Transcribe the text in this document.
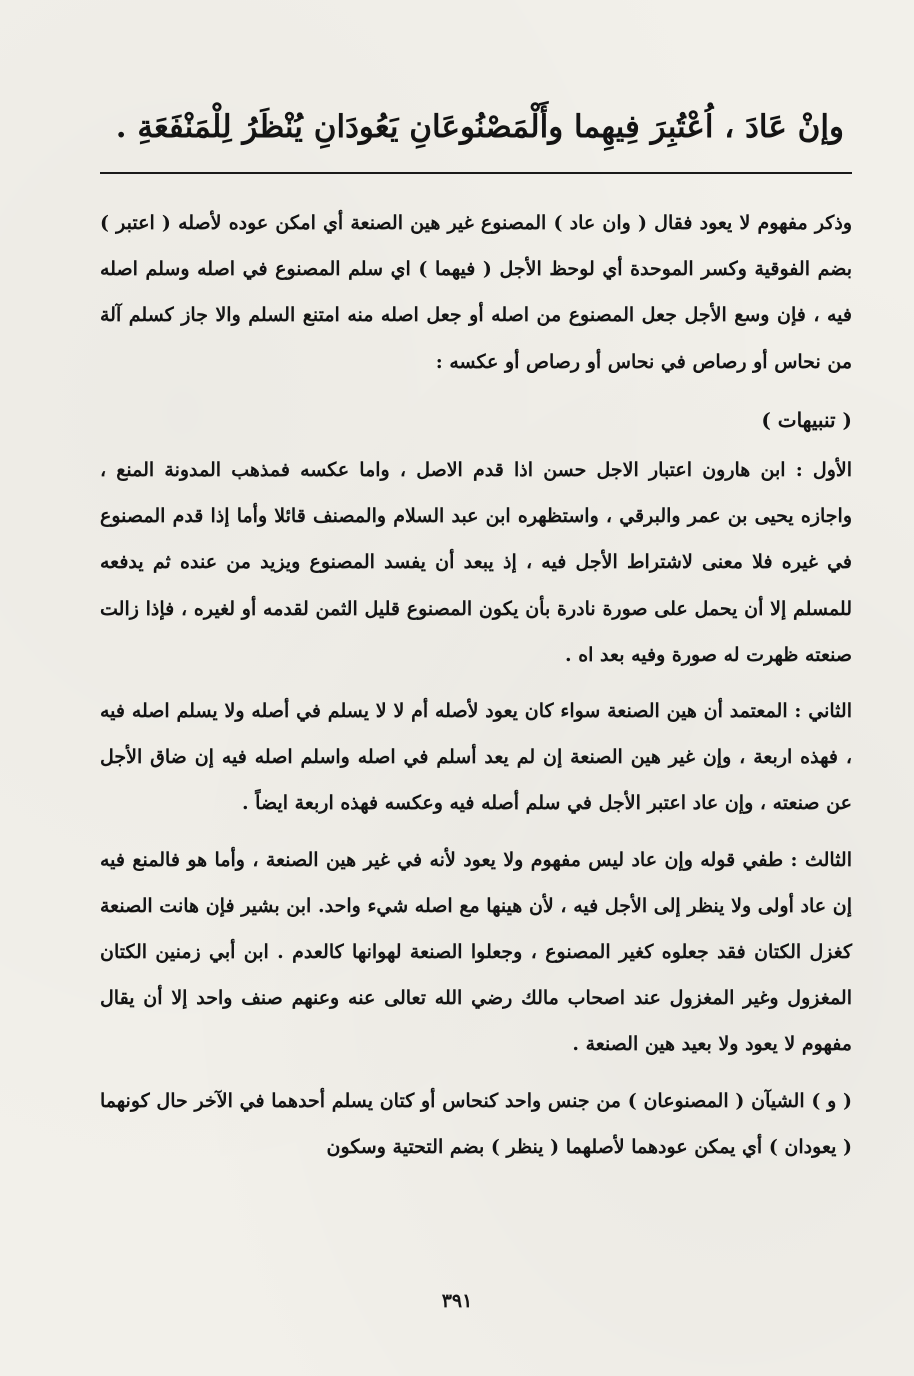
وإنْ عَادَ ، اُعْتُبِرَ فِيهِما وأَلْمَصْنُوعَانِ يَعُودَانِ يُنْظَرُ لِلْمَنْفَعَةِ .

وذكر مفهوم لا يعود فقال ( وان عاد ) المصنوع غير هين الصنعة أي امكن عوده لأصله ( اعتبر ) بضم الفوقية وكسر الموحدة أي لوحظ الأجل ( فيهما ) اي سلم المصنوع في اصله وسلم اصله فيه ، فإن وسع الأجل جعل المصنوع من اصله أو جعل اصله منه امتنع السلم والا جاز كسلم آلة من نحاس أو رصاص في نحاس أو رصاص أو عكسه :

( تنبيهات )

الأول : ابن هارون اعتبار الاجل حسن اذا قدم الاصل ، واما عكسه فمذهب المدونة المنع ، واجازه يحيى بن عمر والبرقي ، واستظهره ابن عبد السلام والمصنف قائلا وأما إذا قدم المصنوع في غيره فلا معنى لاشتراط الأجل فيه ، إذ يبعد أن يفسد المصنوع ويزيد من عنده ثم يدفعه للمسلم إلا أن يحمل على صورة نادرة بأن يكون المصنوع قليل الثمن لقدمه أو لغيره ، فإذا زالت صنعته ظهرت له صورة وفيه بعد اه .

الثاني : المعتمد أن هين الصنعة سواء كان يعود لأصله أم لا لا يسلم في أصله ولا يسلم اصله فيه ، فهذه اربعة ، وإن غير هين الصنعة إن لم يعد أسلم في اصله واسلم اصله فيه إن ضاق الأجل عن صنعته ، وإن عاد اعتبر الأجل في سلم أصله فيه وعكسه فهذه اربعة ايضاً .

الثالث : طفي قوله وإن عاد ليس مفهوم ولا يعود لأنه في غير هين الصنعة ، وأما هو فالمنع فيه إن عاد أولى ولا ينظر إلى الأجل فيه ، لأن هينها مع اصله شيء واحد. ابن بشير فإن هانت الصنعة كغزل الكتان فقد جعلوه كغير المصنوع ، وجعلوا الصنعة لهوانها كالعدم . ابن أبي زمنين الكتان المغزول وغير المغزول عند اصحاب مالك رضي الله تعالى عنه وعنهم صنف واحد إلا أن يقال مفهوم لا يعود ولا بعيد هين الصنعة .

( و ) الشيآن ( المصنوعان ) من جنس واحد كنحاس أو كتان يسلم أحدهما في الآخر حال كونهما ( يعودان ) أي يمكن عودهما لأصلهما ( ينظر ) بضم التحتية وسكون

٣٩١
